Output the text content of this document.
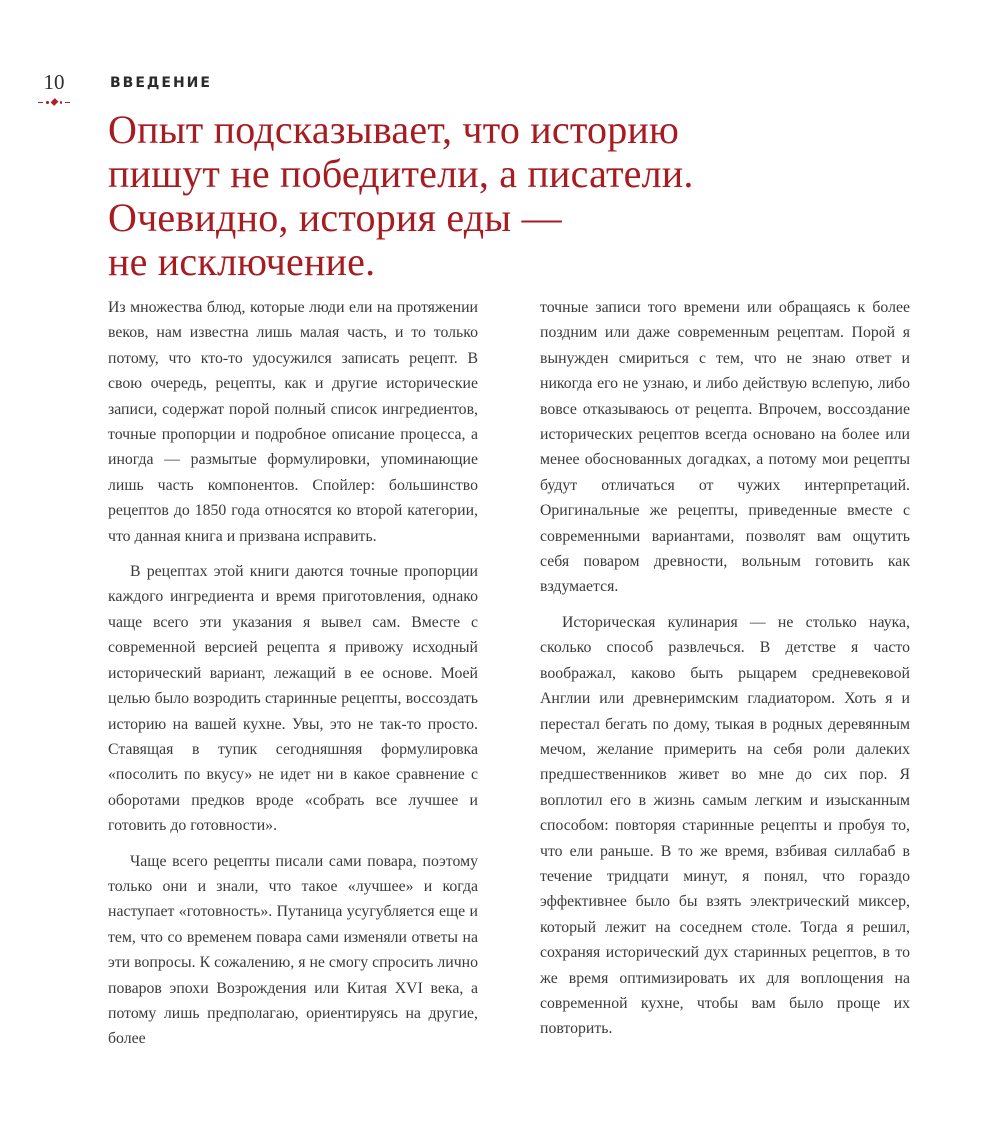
10	ВВЕДЕНИЕ
Опыт подсказывает, что историю
пишут не победители, а писатели.
Очевидно, история еды —
не исключение.

Из множества блюд, которые люди ели на протяжении веков, нам известна лишь малая часть, и то только потому, что кто-то удосужился записать рецепт. В свою очередь, рецепты, как и другие исторические записи, содержат порой полный список ингредиентов, точные пропорции и подробное описание процесса, а иногда — размытые формулировки, упоминающие лишь часть компонентов. Спойлер: большинство рецептов до 1850 года относятся ко второй категории, что данная книга и призвана исправить.

В рецептах этой книги даются точные пропорции каждого ингредиента и время приготовления, однако чаще всего эти указания я вывел сам. Вместе с современной версией рецепта я привожу исходный исторический вариант, лежащий в ее основе. Моей целью было возродить старинные рецепты, воссоздать историю на вашей кухне. Увы, это не так-то просто. Ставящая в тупик сегодняшняя формулировка «посолить по вкусу» не идет ни в какое сравнение с оборотами предков вроде «собрать все лучшее и готовить до готовности».

Чаще всего рецепты писали сами повара, поэтому только они и знали, что такое «лучшее» и когда наступает «готовность». Путаница усугубляется еще и тем, что со временем повара сами изменяли ответы на эти вопросы. К сожалению, я не смогу спросить лично поваров эпохи Возрождения или Китая XVI века, а потому лишь предполагаю, ориентируясь на другие, более

точные записи того времени или обращаясь к более поздним или даже современным рецептам. Порой я вынужден смириться с тем, что не знаю ответ и никогда его не узнаю, и либо действую вслепую, либо вовсе отказываюсь от рецепта. Впрочем, воссоздание исторических рецептов всегда основано на более или менее обоснованных догадках, а потому мои рецепты будут отличаться от чужих интерпретаций. Оригинальные же рецепты, приведенные вместе с современными вариантами, позволят вам ощутить себя поваром древности, вольным готовить как вздумается.

Историческая кулинария — не столько наука, сколько способ развлечься. В детстве я часто воображал, каково быть рыцарем средневековой Англии или древнеримским гладиатором. Хоть я и перестал бегать по дому, тыкая в родных деревянным мечом, желание примерить на себя роли далеких предшественников живет во мне до сих пор. Я воплотил его в жизнь самым легким и изысканным способом: повторяя старинные рецепты и пробуя то, что ели раньше. В то же время, взбивая силлабаб в течение тридцати минут, я понял, что гораздо эффективнее было бы взять электрический миксер, который лежит на соседнем столе. Тогда я решил, сохраняя исторический дух старинных рецептов, в то же время оптимизировать их для воплощения на современной кухне, чтобы вам было проще их повторить.
